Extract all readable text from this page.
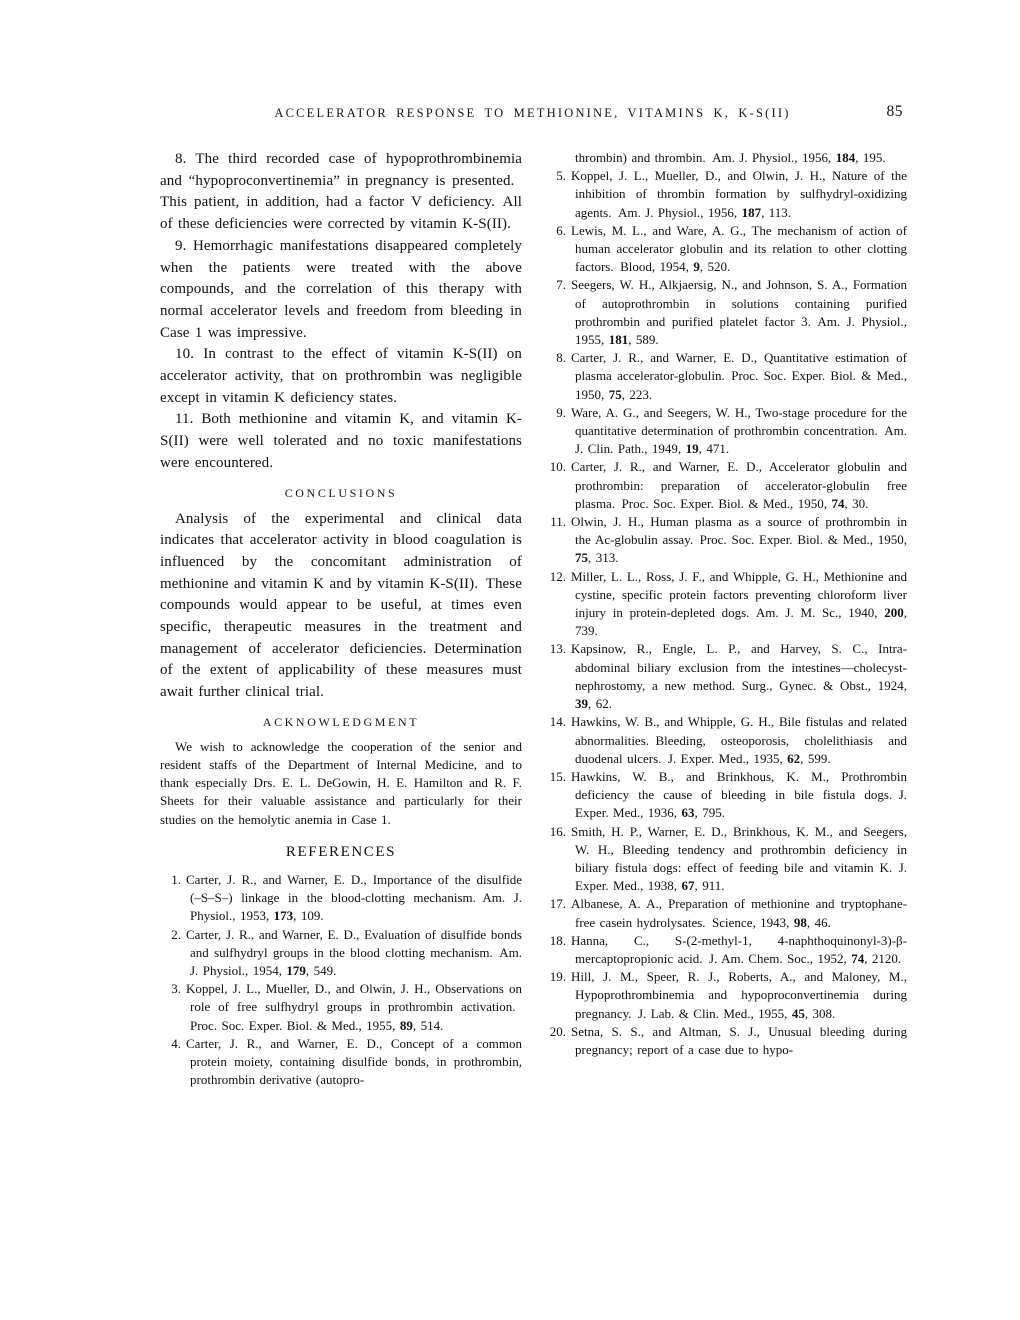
ACCELERATOR RESPONSE TO METHIONINE, VITAMINS K, K-S(II)	85

8. The third recorded case of hypoprothrombinemia and “hypoproconvertinemia” in pregnancy is presented. This patient, in addition, had a factor V deficiency. All of these deficiencies were corrected by vitamin K-S(II).

9. Hemorrhagic manifestations disappeared completely when the patients were treated with the above compounds, and the correlation of this therapy with normal accelerator levels and freedom from bleeding in Case 1 was impressive.

10. In contrast to the effect of vitamin K-S(II) on accelerator activity, that on prothrombin was negligible except in vitamin K deficiency states.

11. Both methionine and vitamin K, and vitamin K-S(II) were well tolerated and no toxic manifestations were encountered.

CONCLUSIONS

Analysis of the experimental and clinical data indicates that accelerator activity in blood coagulation is influenced by the concomitant administration of methionine and vitamin K and by vitamin K-S(II). These compounds would appear to be useful, at times even specific, therapeutic measures in the treatment and management of accelerator deficiencies. Determination of the extent of applicability of these measures must await further clinical trial.

ACKNOWLEDGMENT

We wish to acknowledge the cooperation of the senior and resident staffs of the Department of Internal Medicine, and to thank especially Drs. E. L. DeGowin, H. E. Hamilton and R. F. Sheets for their valuable assistance and particularly for their studies on the hemolytic anemia in Case 1.

REFERENCES
1. Carter, J. R., and Warner, E. D., Importance of the disulfide (–S–S–) linkage in the blood-clotting mechanism. Am. J. Physiol., 1953, 173, 109.
2. Carter, J. R., and Warner, E. D., Evaluation of disulfide bonds and sulfhydryl groups in the blood clotting mechanism. Am. J. Physiol., 1954, 179, 549.
3. Koppel, J. L., Mueller, D., and Olwin, J. H., Observations on role of free sulfhydryl groups in prothrombin activation. Proc. Soc. Exper. Biol. & Med., 1955, 89, 514.
4. Carter, J. R., and Warner, E. D., Concept of a common protein moiety, containing disulfide bonds, in prothrombin, prothrombin derivative (autopro-

thrombin) and thrombin. Am. J. Physiol., 1956, 184, 195.

5. Koppel, J. L., Mueller, D., and Olwin, J. H., Nature of the inhibition of thrombin formation by sulfhydryl-oxidizing agents. Am. J. Physiol., 1956, 187, 113.
6. Lewis, M. L., and Ware, A. G., The mechanism of action of human accelerator globulin and its relation to other clotting factors. Blood, 1954, 9, 520.
7. Seegers, W. H., Alkjaersig, N., and Johnson, S. A., Formation of autoprothrombin in solutions containing purified prothrombin and purified platelet factor 3. Am. J. Physiol., 1955, 181, 589.
8. Carter, J. R., and Warner, E. D., Quantitative estimation of plasma accelerator-globulin. Proc. Soc. Exper. Biol. & Med., 1950, 75, 223.
9. Ware, A. G., and Seegers, W. H., Two-stage procedure for the quantitative determination of prothrombin concentration. Am. J. Clin. Path., 1949, 19, 471.
10. Carter, J. R., and Warner, E. D., Accelerator globulin and prothrombin: preparation of accelerator-globulin free plasma. Proc. Soc. Exper. Biol. & Med., 1950, 74, 30.
11. Olwin, J. H., Human plasma as a source of prothrombin in the Ac-globulin assay. Proc. Soc. Exper. Biol. & Med., 1950, 75, 313.
12. Miller, L. L., Ross, J. F., and Whipple, G. H., Methionine and cystine, specific protein factors preventing chloroform liver injury in protein-depleted dogs. Am. J. M. Sc., 1940, 200, 739.
13. Kapsinow, R., Engle, L. P., and Harvey, S. C., Intra-abdominal biliary exclusion from the intestines—cholecyst-nephrostomy, a new method. Surg., Gynec. & Obst., 1924, 39, 62.
14. Hawkins, W. B., and Whipple, G. H., Bile fistulas and related abnormalities. Bleeding, osteoporosis, cholelithiasis and duodenal ulcers. J. Exper. Med., 1935, 62, 599.
15. Hawkins, W. B., and Brinkhous, K. M., Prothrombin deficiency the cause of bleeding in bile fistula dogs. J. Exper. Med., 1936, 63, 795.
16. Smith, H. P., Warner, E. D., Brinkhous, K. M., and Seegers, W. H., Bleeding tendency and prothrombin deficiency in biliary fistula dogs: effect of feeding bile and vitamin K. J. Exper. Med., 1938, 67, 911.
17. Albanese, A. A., Preparation of methionine and tryptophane-free casein hydrolysates. Science, 1943, 98, 46.
18. Hanna, C., S-(2-methyl-1, 4-naphthoquinonyl-3)-β-mercaptopropionic acid. J. Am. Chem. Soc., 1952, 74, 2120.
19. Hill, J. M., Speer, R. J., Roberts, A., and Maloney, M., Hypoprothrombinemia and hypoproconvertinemia during pregnancy. J. Lab. & Clin. Med., 1955, 45, 308.
20. Setna, S. S., and Altman, S. J., Unusual bleeding during pregnancy; report of a case due to hypo-
